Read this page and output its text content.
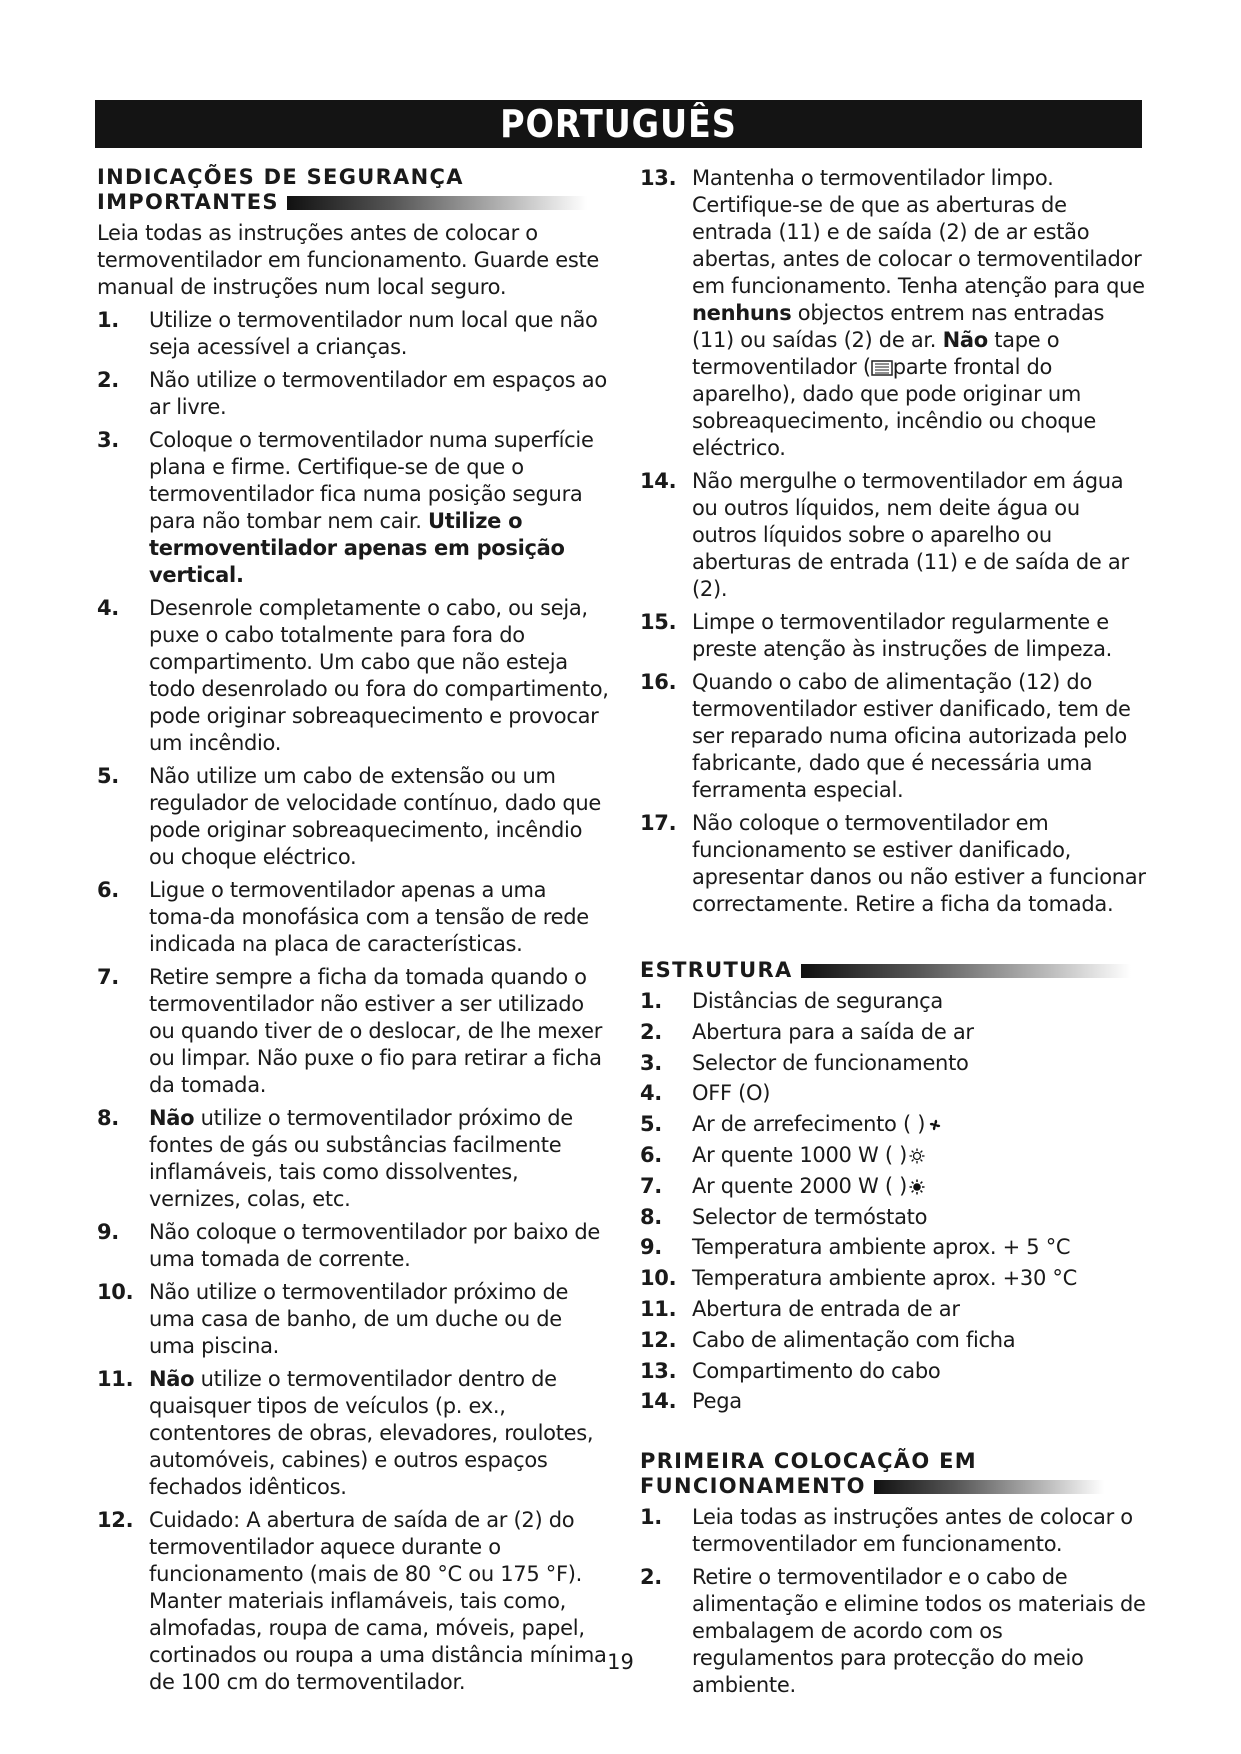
PORTUGUÊS
INDICAÇÕES DE SEGURANÇA
IMPORTANTES

Leia todas as instruções antes de colocar o termoventilador em funcionamento. Guarde este manual de instruções num local seguro.

1.	Utilize o termoventilador num local que não seja acessível a crianças.
2.	Não utilize o termoventilador em espaços ao ar livre.
3.	Coloque o termoventilador numa superfície plana e firme. Certifique-se de que o termoventilador fica numa posição segura para não tombar nem cair. Utilize o termoventilador apenas em posição vertical.
4.	Desenrole completamente o cabo, ou seja, puxe o cabo totalmente para fora do compartimento. Um cabo que não esteja todo desenrolado ou fora do compartimento, pode originar sobreaquecimento e provocar um incêndio.
5.	Não utilize um cabo de extensão ou um regulador de velocidade contínuo, dado que pode originar sobreaquecimento, incêndio ou choque eléctrico.
6.	Ligue o termoventilador apenas a uma toma-da monofásica com a tensão de rede indicada na placa de características.
7.	Retire sempre a ficha da tomada quando o termoventilador não estiver a ser utilizado ou quando tiver de o deslocar, de lhe mexer ou limpar. Não puxe o fio para retirar a ficha da tomada.
8.	Não utilize o termoventilador próximo de fontes de gás ou substâncias facilmente inflamáveis, tais como dissolventes, vernizes, colas, etc.
9.	Não coloque o termoventilador por baixo de uma tomada de corrente.
10. Não utilize o termoventilador próximo de uma casa de banho, de um duche ou de uma piscina.
11. Não utilize o termoventilador dentro de quaisquer tipos de veículos (p. ex., contentores de obras, elevadores, roulotes, automóveis, cabines) e outros espaços fechados idênticos.
12. Cuidado: A abertura de saída de ar (2) do termoventilador aquece durante o funcionamento (mais de 80 °C ou 175 °F). Manter materiais inflamáveis, tais como, almofadas, roupa de cama, móveis, papel, cortinados ou roupa a uma distância mínima de 100 cm do termoventilador.
13. Mantenha o termoventilador limpo. Certifique-se de que as aberturas de entrada (11) e de saída (2) de ar estão abertas, antes de colocar o termoventilador em funcionamento. Tenha atenção para que nenhuns objectos entrem nas entradas (11) ou saídas (2) de ar. Não tape o termoventilador ( parte frontal do aparelho), dado que pode originar um sobreaquecimento, incêndio ou choque eléctrico.
14. Não mergulhe o termoventilador em água ou outros líquidos, nem deite água ou outros líquidos sobre o aparelho ou aberturas de entrada (11) e de saída de ar (2).
15. Limpe o termoventilador regularmente e preste atenção às instruções de limpeza.
16. Quando o cabo de alimentação (12) do termoventilador estiver danificado, tem de ser reparado numa oficina autorizada pelo fabricante, dado que é necessária uma ferramenta especial.
17. Não coloque o termoventilador em funcionamento se estiver danificado, apresentar danos ou não estiver a funcionar correctamente. Retire a ficha da tomada.
ESTRUTURA
1.	Distâncias de segurança
2.	Abertura para a saída de ar
3.	Selector de funcionamento
4.	OFF (O)
5.	Ar de arrefecimento ( )
6.	Ar quente 1000 W ( )
7.	Ar quente 2000 W ( )
8.	Selector de termóstato
9.	Temperatura ambiente aprox. + 5 °C
10. Temperatura ambiente aprox. +30 °C
11. Abertura de entrada de ar
12. Cabo de alimentação com ficha
13. Compartimento do cabo
14. Pega
PRIMEIRA COLOCAÇÃO EM
FUNCIONAMENTO
1.	Leia todas as instruções antes de colocar o termoventilador em funcionamento.
2.	Retire o termoventilador e o cabo de alimentação e elimine todos os materiais de embalagem de acordo com os regulamentos para protecção do meio ambiente.
19
